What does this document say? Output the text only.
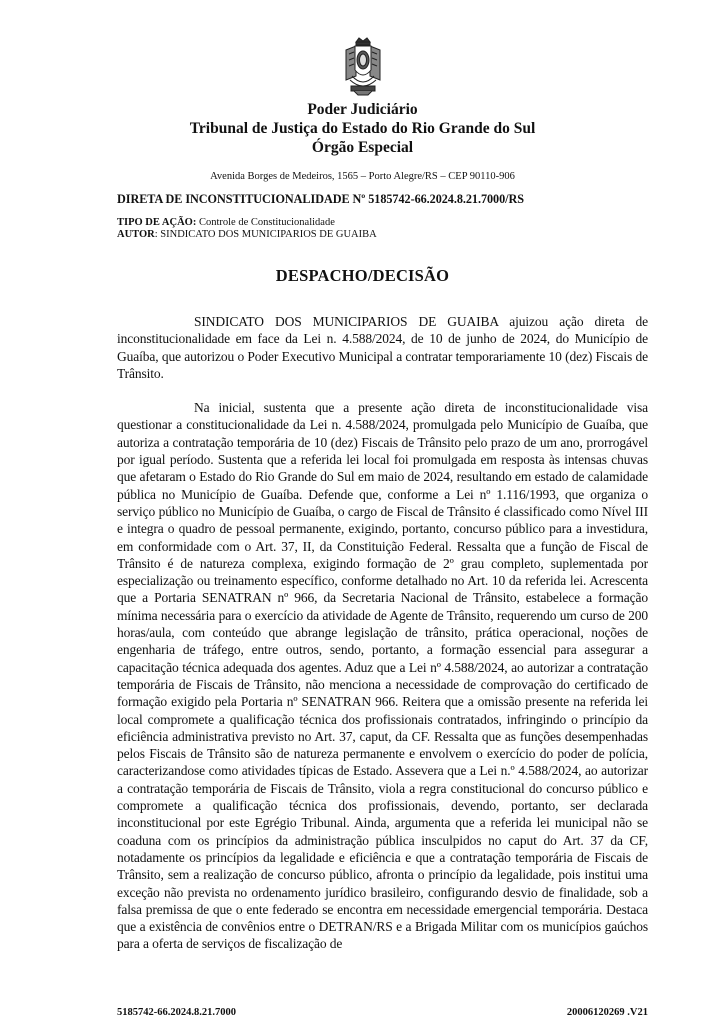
Poder Judiciário
Tribunal de Justiça do Estado do Rio Grande do Sul
Órgão Especial
Avenida Borges de Medeiros, 1565 – Porto Alegre/RS – CEP 90110-906
DIRETA DE INCONSTITUCIONALIDADE Nº 5185742-66.2024.8.21.7000/RS
TIPO DE AÇÃO: Controle de Constitucionalidade
AUTOR: SINDICATO DOS MUNICIPARIOS DE GUAIBA
DESPACHO/DECISÃO

SINDICATO DOS MUNICIPARIOS DE GUAIBA ajuizou ação direta de inconstitucionalidade em face da Lei n. 4.588/2024, de 10 de junho de 2024, do Município de Guaíba, que autorizou o Poder Executivo Municipal a contratar temporariamente 10 (dez) Fiscais de Trânsito.

Na inicial, sustenta que a presente ação direta de inconstitucionalidade visa questionar a constitucionalidade da Lei n. 4.588/2024, promulgada pelo Município de Guaíba, que autoriza a contratação temporária de 10 (dez) Fiscais de Trânsito pelo prazo de um ano, prorrogável por igual período. Sustenta que a referida lei local foi promulgada em resposta às intensas chuvas que afetaram o Estado do Rio Grande do Sul em maio de 2024, resultando em estado de calamidade pública no Município de Guaíba. Defende que, conforme a Lei nº 1.116/1993, que organiza o serviço público no Município de Guaíba, o cargo de Fiscal de Trânsito é classificado como Nível III e integra o quadro de pessoal permanente, exigindo, portanto, concurso público para a investidura, em conformidade com o Art. 37, II, da Constituição Federal. Ressalta que a função de Fiscal de Trânsito é de natureza complexa, exigindo formação de 2º grau completo, suplementada por especialização ou treinamento específico, conforme detalhado no Art. 10 da referida lei. Acrescenta que a Portaria SENATRAN nº 966, da Secretaria Nacional de Trânsito, estabelece a formação mínima necessária para o exercício da atividade de Agente de Trânsito, requerendo um curso de 200 horas/aula, com conteúdo que abrange legislação de trânsito, prática operacional, noções de engenharia de tráfego, entre outros, sendo, portanto, a formação essencial para assegurar a capacitação técnica adequada dos agentes. Aduz que a Lei nº 4.588/2024, ao autorizar a contratação temporária de Fiscais de Trânsito, não menciona a necessidade de comprovação do certificado de formação exigido pela Portaria nº SENATRAN 966. Reitera que a omissão presente na referida lei local compromete a qualificação técnica dos profissionais contratados, infringindo o princípio da eficiência administrativa previsto no Art. 37, caput, da CF. Ressalta que as funções desempenhadas pelos Fiscais de Trânsito são de natureza permanente e envolvem o exercício do poder de polícia, caracterizandose como atividades típicas de Estado. Assevera que a Lei n.º 4.588/2024, ao autorizar a contratação temporária de Fiscais de Trânsito, viola a regra constitucional do concurso público e compromete a qualificação técnica dos profissionais, devendo, portanto, ser declarada inconstitucional por este Egrégio Tribunal. Ainda, argumenta que a referida lei municipal não se coaduna com os princípios da administração pública insculpidos no caput do Art. 37 da CF, notadamente os princípios da legalidade e eficiência e que a contratação temporária de Fiscais de Trânsito, sem a realização de concurso público, afronta o princípio da legalidade, pois institui uma exceção não prevista no ordenamento jurídico brasileiro, configurando desvio de finalidade, sob a falsa premissa de que o ente federado se encontra em necessidade emergencial temporária. Destaca que a existência de convênios entre o DETRAN/RS e a Brigada Militar com os municípios gaúchos para a oferta de serviços de fiscalização de

5185742-66.2024.8.21.7000	20006120269 .V21
